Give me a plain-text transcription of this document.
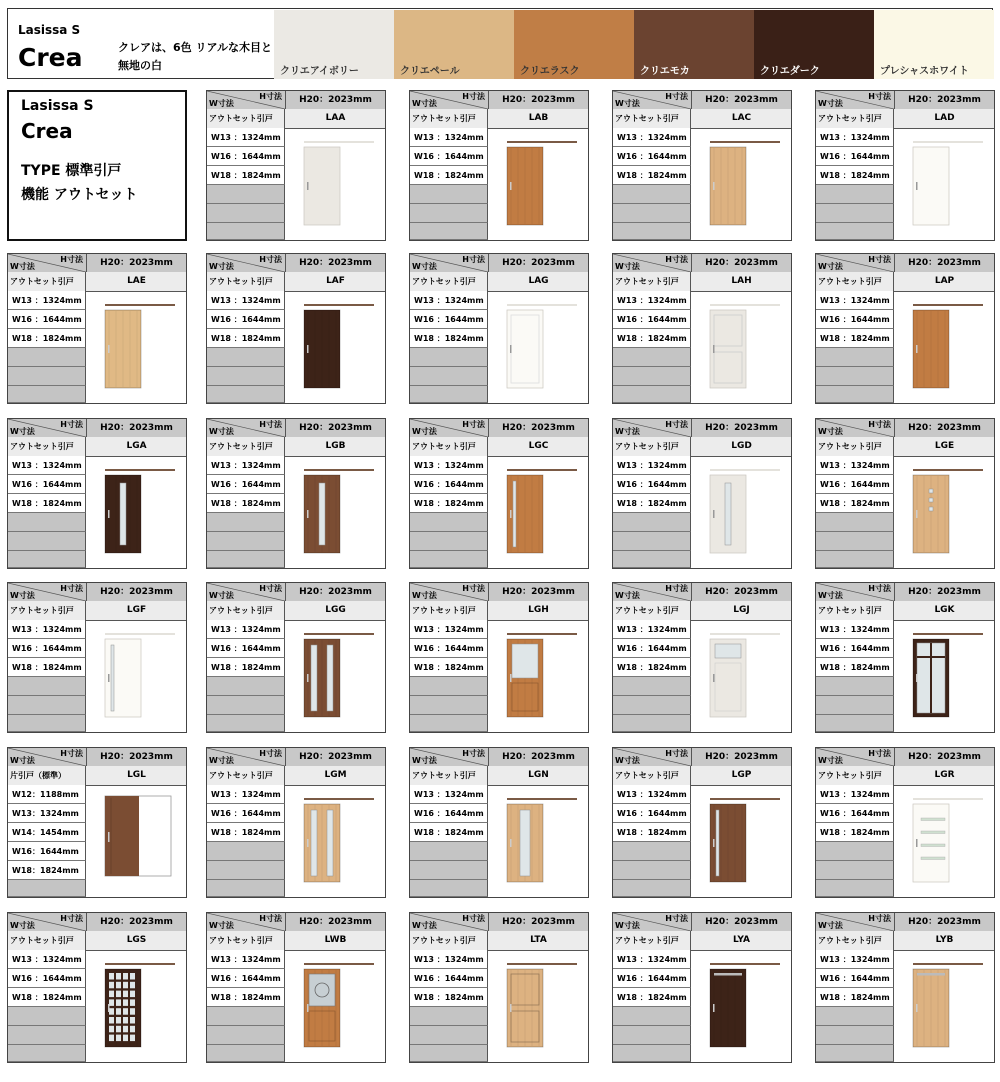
Lasissa S
Crea	クレアは、6色 リアルな木目と無地の白	クリエアイボリー	クリエペール	クリエラスク	クリエモカ	クリエダーク	プレシャスホワイト
Lasissa S
Crea
TYPE 標準引戸
機能 アウトセット
W寸法
H寸法	H20：2023mm
アウトセット引戸	LAA
W13 ：1324mm
W16 ：1644mm
W18 ：1824mm
W寸法
H寸法	H20：2023mm
アウトセット引戸	LAB
W13 ：1324mm
W16 ：1644mm
W18 ：1824mm
W寸法
H寸法	H20：2023mm
アウトセット引戸	LAC
W13 ：1324mm
W16 ：1644mm
W18 ：1824mm
W寸法
H寸法	H20：2023mm
アウトセット引戸	LAD
W13 ：1324mm
W16 ：1644mm
W18 ：1824mm
W寸法
H寸法	H20：2023mm
アウトセット引戸	LAE
W13 ：1324mm
W16 ：1644mm
W18 ：1824mm
W寸法
H寸法	H20：2023mm
アウトセット引戸	LAF
W13 ：1324mm
W16 ：1644mm
W18 ：1824mm
W寸法
H寸法	H20：2023mm
アウトセット引戸	LAG
W13 ：1324mm
W16 ：1644mm
W18 ：1824mm
W寸法
H寸法	H20：2023mm
アウトセット引戸	LAH
W13 ：1324mm
W16 ：1644mm
W18 ：1824mm
W寸法
H寸法	H20：2023mm
アウトセット引戸	LAP
W13 ：1324mm
W16 ：1644mm
W18 ：1824mm
W寸法
H寸法	H20：2023mm
アウトセット引戸	LGA
W13 ：1324mm
W16 ：1644mm
W18 ：1824mm
W寸法
H寸法	H20：2023mm
アウトセット引戸	LGB
W13 ：1324mm
W16 ：1644mm
W18 ：1824mm
W寸法
H寸法	H20：2023mm
アウトセット引戸	LGC
W13 ：1324mm
W16 ：1644mm
W18 ：1824mm
W寸法
H寸法	H20：2023mm
アウトセット引戸	LGD
W13 ：1324mm
W16 ：1644mm
W18 ：1824mm
W寸法
H寸法	H20：2023mm
アウトセット引戸	LGE
W13 ：1324mm
W16 ：1644mm
W18 ：1824mm
W寸法
H寸法	H20：2023mm
アウトセット引戸	LGF
W13 ：1324mm
W16 ：1644mm
W18 ：1824mm
W寸法
H寸法	H20：2023mm
アウトセット引戸	LGG
W13 ：1324mm
W16 ：1644mm
W18 ：1824mm
W寸法
H寸法	H20：2023mm
アウトセット引戸	LGH
W13 ：1324mm
W16 ：1644mm
W18 ：1824mm
W寸法
H寸法	H20：2023mm
アウトセット引戸	LGJ
W13 ：1324mm
W16 ：1644mm
W18 ：1824mm
W寸法
H寸法	H20：2023mm
アウトセット引戸	LGK
W13 ：1324mm
W16 ：1644mm
W18 ：1824mm
W寸法
H寸法	H20：2023mm
片引戸（標準）	LGL
W12：1188mm
W13：1324mm
W14：1454mm
W16：1644mm
W18：1824mm
W寸法
H寸法	H20：2023mm
アウトセット引戸	LGM
W13 ：1324mm
W16 ：1644mm
W18 ：1824mm
W寸法
H寸法	H20：2023mm
アウトセット引戸	LGN
W13 ：1324mm
W16 ：1644mm
W18 ：1824mm
W寸法
H寸法	H20：2023mm
アウトセット引戸	LGP
W13 ：1324mm
W16 ：1644mm
W18 ：1824mm
W寸法
H寸法	H20：2023mm
アウトセット引戸	LGR
W13 ：1324mm
W16 ：1644mm
W18 ：1824mm
W寸法
H寸法	H20：2023mm
アウトセット引戸	LGS
W13 ：1324mm
W16 ：1644mm
W18 ：1824mm
W寸法
H寸法	H20：2023mm
アウトセット引戸	LWB
W13 ：1324mm
W16 ：1644mm
W18 ：1824mm
W寸法
H寸法	H20：2023mm
アウトセット引戸	LTA
W13 ：1324mm
W16 ：1644mm
W18 ：1824mm
W寸法
H寸法	H20：2023mm
アウトセット引戸	LYA
W13 ：1324mm
W16 ：1644mm
W18 ：1824mm
W寸法
H寸法	H20：2023mm
アウトセット引戸	LYB
W13 ：1324mm
W16 ：1644mm
W18 ：1824mm
